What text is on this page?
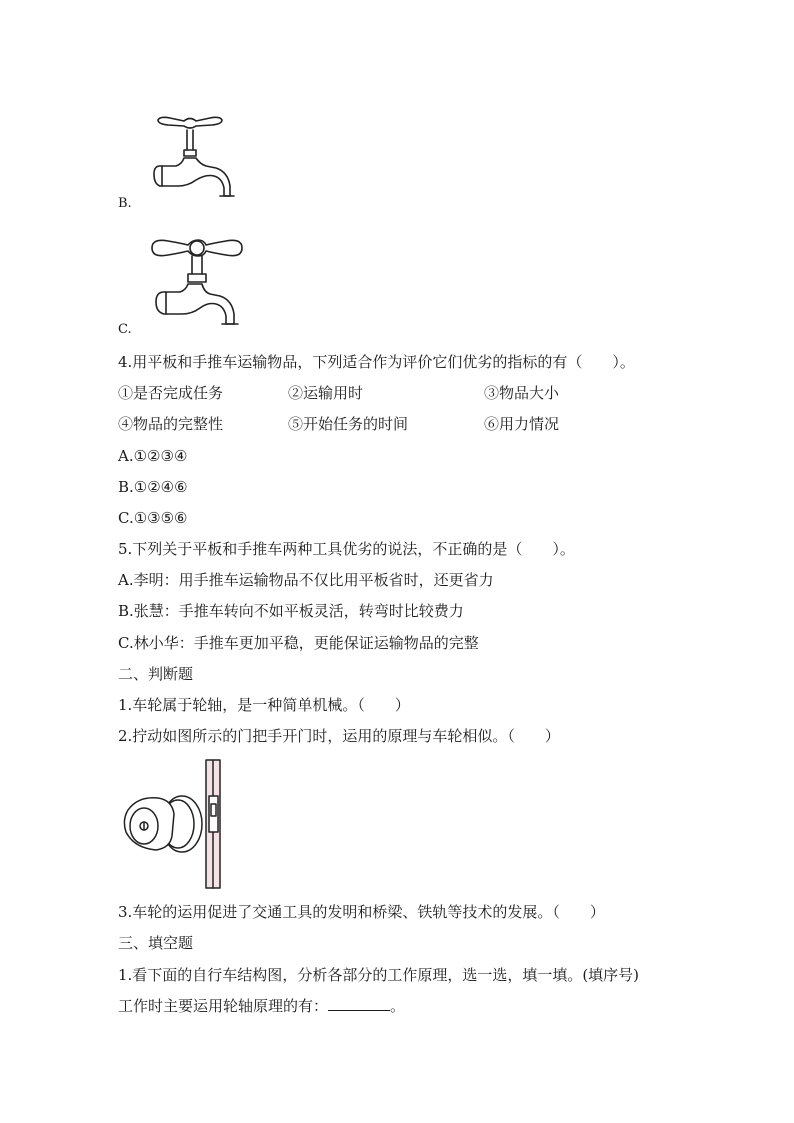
B.
C.
4.用平板和手推车运输物品，下列适合作为评价它们优劣的指标的有（　　）。
①是否完成任务	②运输用时	③物品大小
④物品的完整性	⑤开始任务的时间	⑥用力情况
A.①②③④
B.①②④⑥
C.①③⑤⑥
5.下列关于平板和手推车两种工具优劣的说法，不正确的是（　　）。
A.李明：用手推车运输物品不仅比用平板省时，还更省力
B.张慧：手推车转向不如平板灵活，转弯时比较费力
C.林小华：手推车更加平稳，更能保证运输物品的完整
二、判断题
1.车轮属于轮轴，是一种简单机械。（　　）
2.拧动如图所示的门把手开门时，运用的原理与车轮相似。（　　）
3.车轮的运用促进了交通工具的发明和桥梁、铁轨等技术的发展。（　　）
三、填空题
1.看下面的自行车结构图，分析各部分的工作原理，选一选，填一填。(填序号)
工作时主要运用轮轴原理的有：	。
